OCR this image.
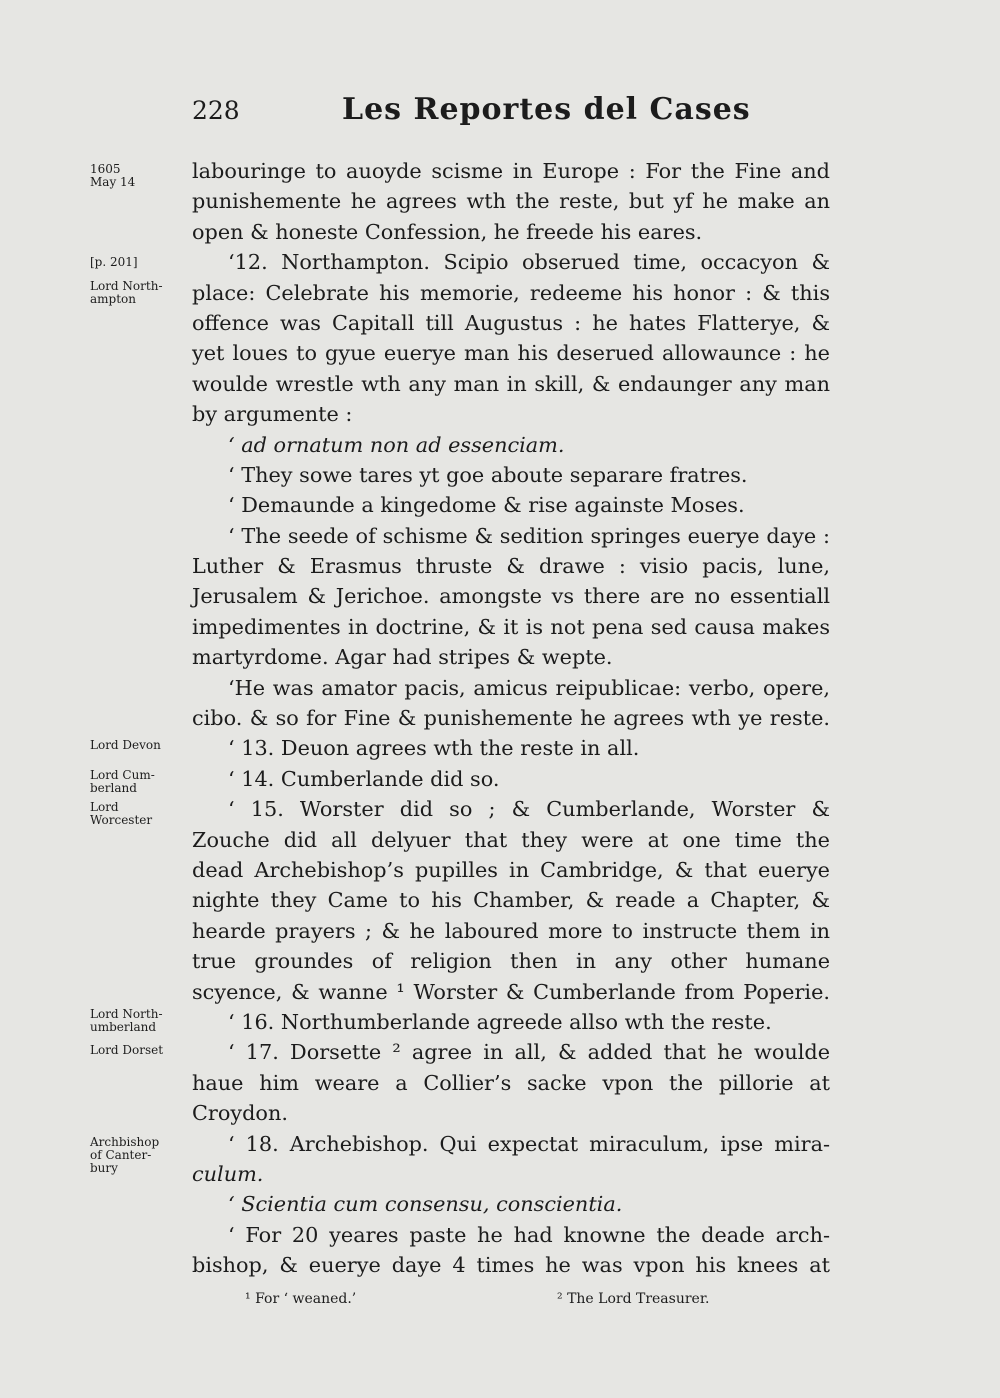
228	Les Reportes del Cases
1605
May 14
[p. 201]
Lord North-
ampton
Lord Devon
Lord Cum-
berland
Lord
Worcester
Lord North-
umberland
Lord Dorset
Archbishop
of Canter-
bury
labouringe to auoyde scisme in Europe : For the Fine and
punishemente he agrees wth the reste, but yf he make an
open & honeste Confession, he freede his eares.
‘12. Northampton. Scipio obserued time, occacyon &
place: Celebrate his memorie, redeeme his honor : & this
offence was Capitall till Augustus : he hates Flatterye, &
yet loues to gyue euerye man his deserued allowaunce : he
woulde wrestle wth any man in skill, & endaunger any man
by argumente :
‘ ad ornatum non ad essenciam.
‘ They sowe tares yt goe aboute separare fratres.
‘ Demaunde a kingedome & rise againste Moses.
‘ The seede of schisme & sedition springes euerye daye :
Luther & Erasmus thruste & drawe : visio pacis, lune,
Jerusalem & Jerichoe. amongste vs there are no essentiall
impedimentes in doctrine, & it is not pena sed causa makes
martyrdome. Agar had stripes & wepte.
‘He was amator pacis, amicus reipublicae: verbo, opere,
cibo. & so for Fine & punishemente he agrees wth ye reste.
‘ 13. Deuon agrees wth the reste in all.
‘ 14. Cumberlande did so.
‘ 15. Worster did so ; & Cumberlande, Worster &
Zouche did all delyuer that they were at one time the
dead Archebishop’s pupilles in Cambridge, & that euerye
nighte they Came to his Chamber, & reade a Chapter, &
hearde prayers ; & he laboured more to instructe them in
true groundes of religion then in any other humane
scyence, & wanne ¹ Worster & Cumberlande from Poperie.
‘ 16. Northumberlande agreede allso wth the reste.
‘ 17. Dorsette ² agree in all, & added that he woulde
haue him weare a Collier’s sacke vpon the pillorie at
Croydon.
‘ 18. Archebishop. Qui expectat miraculum, ipse mira-
culum.
‘ Scientia cum consensu, conscientia.
‘ For 20 yeares paste he had knowne the deade arch-
bishop, & euerye daye 4 times he was vpon his knees at
¹ For ‘ weaned.’	² The Lord Treasurer.
